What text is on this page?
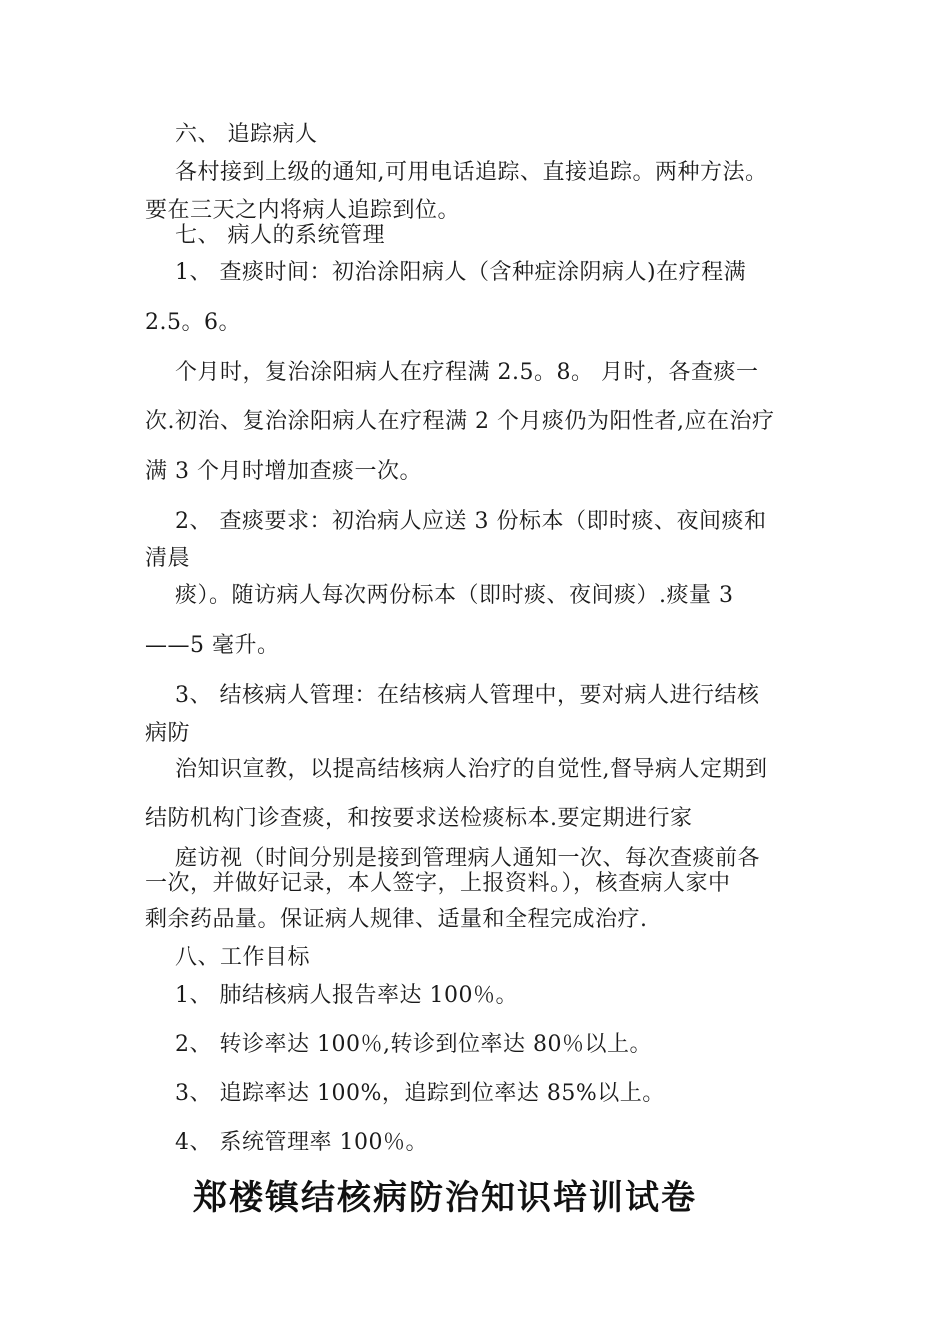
六、 追踪病人
各村接到上级的通知,可用电话追踪、直接追踪。两种方法。
要在三天之内将病人追踪到位。
七、 病人的系统管理
1、 查痰时间：初治涂阳病人（含种症涂阴病人)在疗程满
2.5。6。
个月时，复治涂阳病人在疗程满 2.5。8。 月时，各查痰一
次.初治、复治涂阳病人在疗程满 2 个月痰仍为阳性者,应在治疗
满 3 个月时增加查痰一次。
2、 查痰要求：初治病人应送 3 份标本（即时痰、夜间痰和
清晨
痰）。随访病人每次两份标本（即时痰、夜间痰）.痰量 3
——5 毫升。
3、 结核病人管理：在结核病人管理中，要对病人进行结核
病防
治知识宣教，以提高结核病人治疗的自觉性,督导病人定期到
结防机构门诊查痰，和按要求送检痰标本.要定期进行家
庭访视（时间分别是接到管理病人通知一次、每次查痰前各
一次，并做好记录，本人签字，上报资料。），核查病人家中
剩余药品量。保证病人规律、适量和全程完成治疗.
八、工作目标
1、 肺结核病人报告率达 100％。
2、 转诊率达 100％,转诊到位率达 80％以上。
3、 追踪率达 100%，追踪到位率达 85%以上。
4、 系统管理率 100％。
郑楼镇结核病防治知识培训试卷
